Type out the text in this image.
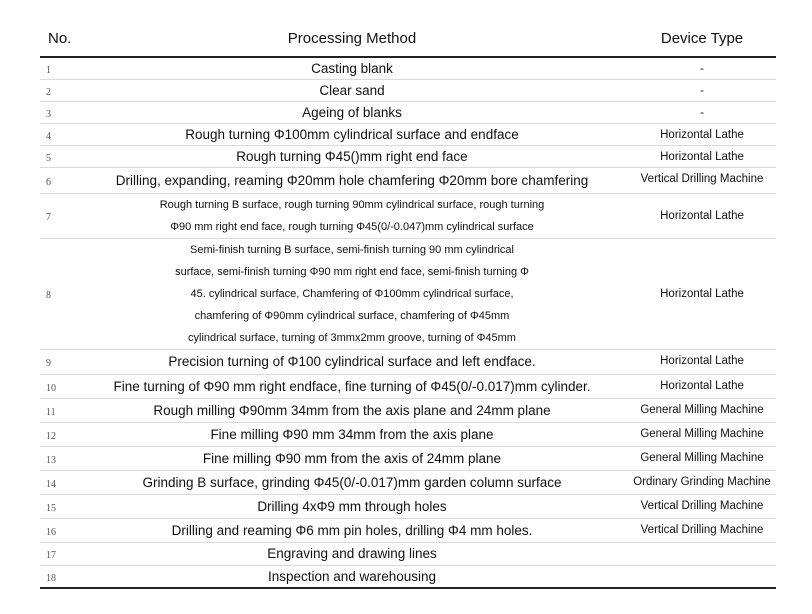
No.	Processing Method	Device Type
1	Casting blank	-
2	Clear sand	-
3	Ageing of blanks	-
4	Rough turning Φ100mm cylindrical surface and endface	Horizontal Lathe
5	Rough turning Φ45()mm right end face	Horizontal Lathe
6	Drilling, expanding, reaming Φ20mm hole chamfering Φ20mm bore chamfering	Vertical Drilling Machine
7	Rough turning B surface, rough turning 90mm cylindrical surface, rough turning
Φ90 mm right end face, rough turning Φ45(0/-0.047)mm cylindrical surface	Horizontal Lathe
8	Semi-finish turning B surface, semi-finish turning 90 mm cylindrical
surface, semi-finish turning Φ90 mm right end face, semi-finish turning Φ
45. cylindrical surface, Chamfering of Φ100mm cylindrical surface,
chamfering of Φ90mm cylindrical surface, chamfering of Φ45mm
cylindrical surface, turning of 3mmx2mm groove, turning of Φ45mm	Horizontal Lathe
9	Precision turning of Φ100 cylindrical surface and left endface.	Horizontal Lathe
10	Fine turning of Φ90 mm right endface, fine turning of Φ45(0/-0.017)mm cylinder.	Horizontal Lathe
11	Rough milling Φ90mm 34mm from the axis plane and 24mm plane	General Milling Machine
12	Fine milling Φ90 mm 34mm from the axis plane	General Milling Machine
13	Fine milling Φ90 mm from the axis of 24mm plane	General Milling Machine
14	Grinding B surface, grinding Φ45(0/-0.017)mm garden column surface	Ordinary Grinding Machine
15	Drilling 4xΦ9 mm through holes	Vertical Drilling Machine
16	Drilling and reaming Φ6 mm pin holes, drilling Φ4 mm holes.	Vertical Drilling Machine
17	Engraving and drawing lines	

18	Inspection and warehousing	
